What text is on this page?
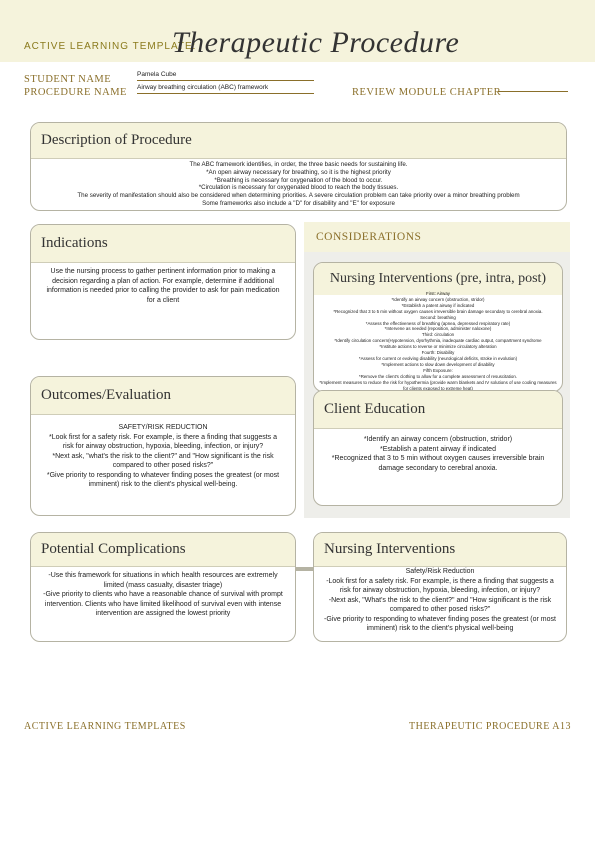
ACTIVE LEARNING TEMPLATE:
Therapeutic Procedure
STUDENT NAME	Pamela Cube
PROCEDURE NAME Airway breathing circulation (ABC) framework	REVIEW MODULE CHAPTER
Description of Procedure
The ABC framework identifies, in order, the three basic needs for sustaining life.
*An open airway necessary for breathing, so it is the highest priority
*Breathing is necessary for oxygenation of the blood to occur.
*Circulation is necessary for oxygenated blood to reach the body tissues.
The severity of manifestation should also be considered when determining priorities. A severe circulation problem can take priority over a minor breathing problem
Some frameworks also include a "D" for disability and "E" for exposure
Indications
Use the nursing process to gather pertinent information prior to making a decision regarding a plan of action. For example, determine if additional information is needed prior to calling the provider to ask for pain medication for a client
Outcomes/Evaluation
SAFETY/RISK REDUCTION
*Look first for a safety risk. For example, is there a finding that suggests a risk for airway obstruction, hypoxia, bleeding, infection, or injury?
*Next ask, "what's the risk to the client?" and "How significant is the risk compared to other posed risks?"
*Give priority to responding to whatever finding poses the greatest (or most imminent) risk to the client's physical well-being.
CONSIDERATIONS
Nursing Interventions (pre, intra, post)
First: Airway
*Identify an airway concern (obstruction, stridor)
*Establish a patent airway if indicated
*Recognized that 3 to 5 min without oxygen causes irreversible brain damage secondary to cerebral anoxia.
Second: breathing
*Assess the effectiveness of breathing (apnea, depressed respiratory rate)
*Intervene as needed (reposition, administer naloxone)
Third: circulation
*Identify circulation concern(Hypotension, dysrhythmia, inadequate cardiac output, compartment syndrome
*Institute actions to reverse or minimize circulatory alteration
Fourth: Disability
*Assess for current or evolving disability (neurological deficits, stroke in evolution)
*Implement actions to slow down development of disability
Fifth Exposure:
*Remove the client's clothing to allow for a complete assessment of resuscitation.
*Implement measures to reduce the risk for hypothermia (provide warm blankets and IV solutions of use cooling measures for clients exposed to extreme heat)
Client Education
*Identify an airway concern (obstruction, stridor)
*Establish a patent airway if indicated
*Recognized that 3 to 5 min without oxygen causes irreversible brain damage secondary to cerebral anoxia.
Potential Complications
-Use this framework for situations in which health resources are extremely limited (mass casualty, disaster triage)
-Give priority to clients who have a reasonable chance of survival with prompt intervention. Clients who have limited likelihood of survival even with intense intervention are assigned the lowest priority
Nursing Interventions
Safety/Risk Reduction
-Look first for a safety risk. For example, is there a finding that suggests a risk for airway obstruction, hypoxia, bleeding, infection, or injury?
-Next ask, "What's the risk to the client?" and "How significant is the risk compared to other posed risks?"
-Give priority to responding to whatever finding poses the greatest (or most imminent) risk to the client's physical well-being
ACTIVE LEARNING TEMPLATES	THERAPEUTIC PROCEDURE A13
